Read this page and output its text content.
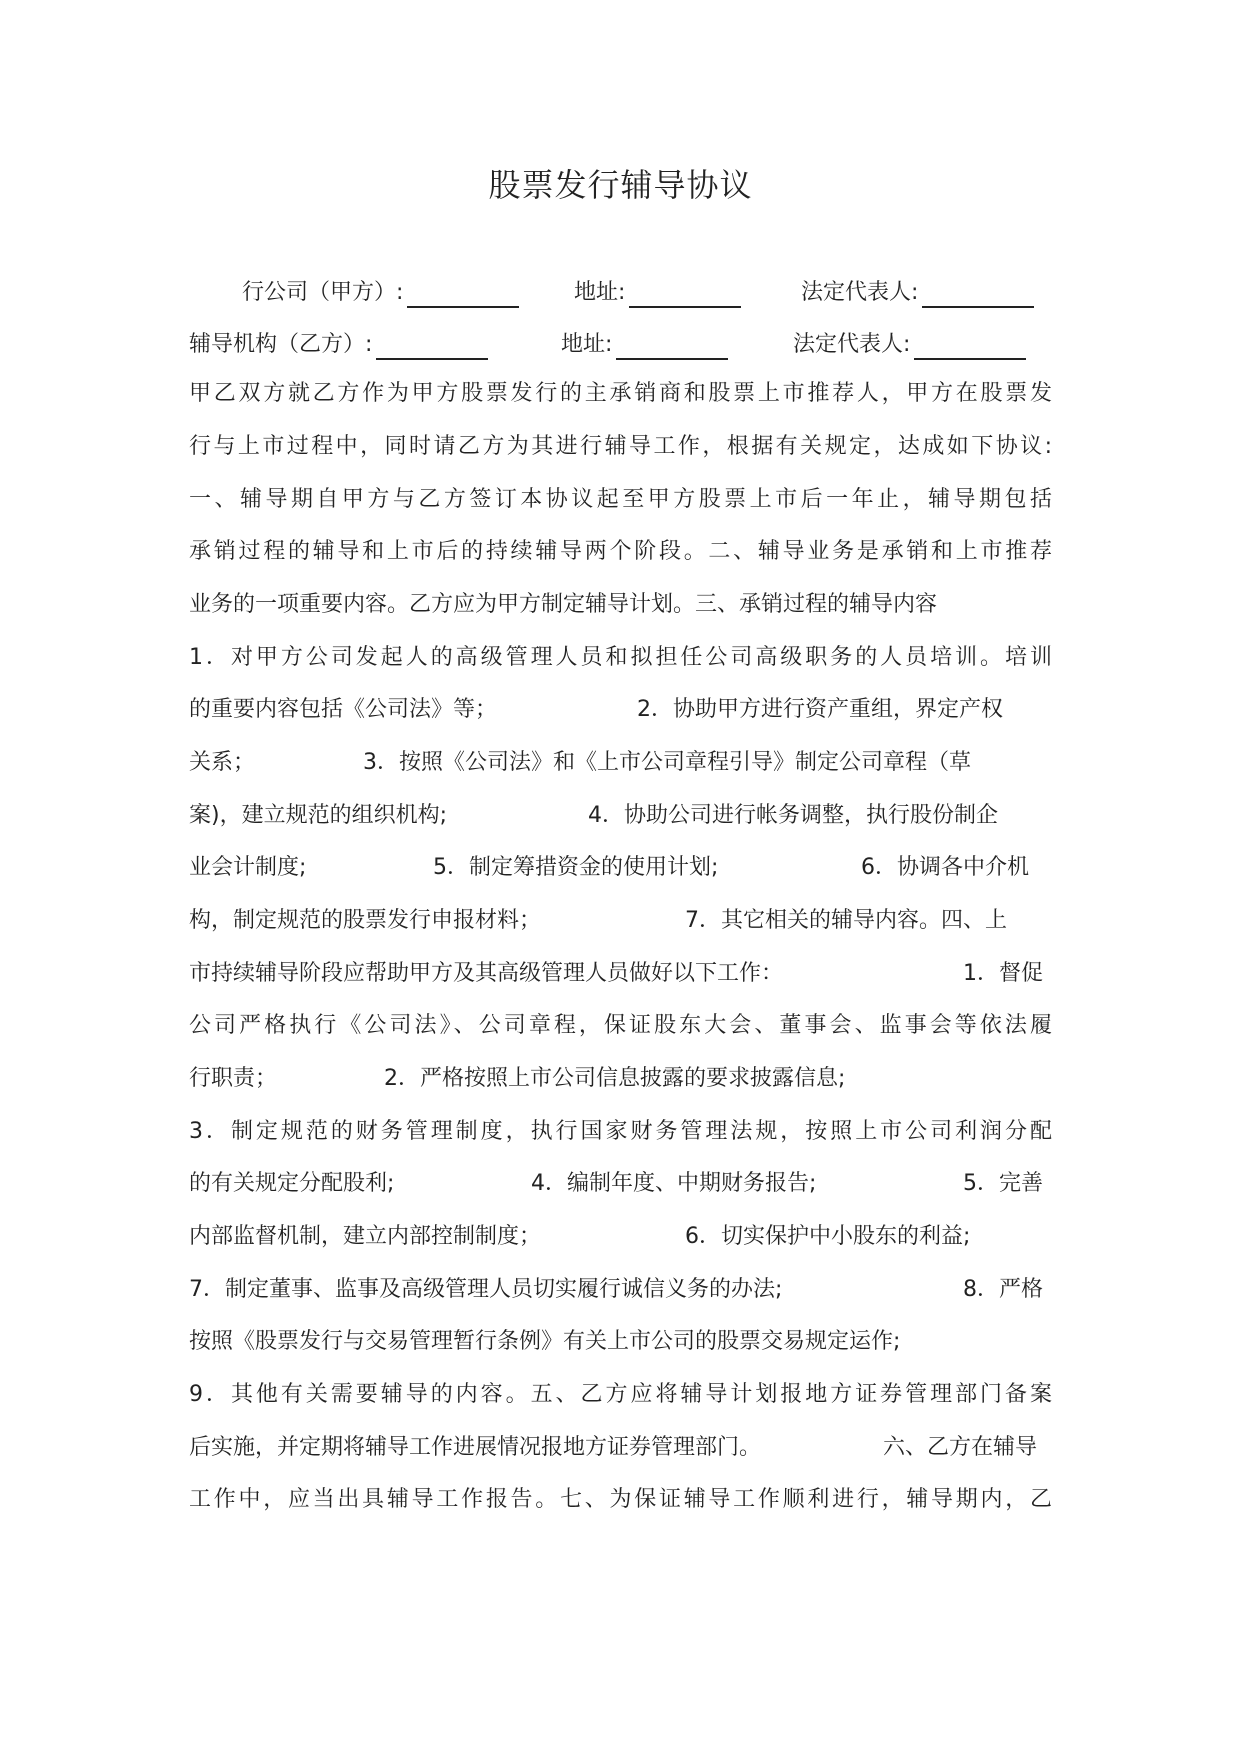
股票发行辅导协议
行公司（甲方）:	地址:	法定代表人:
辅导机构（乙方）:	地址:	法定代表人:
甲乙双方就乙方作为甲方股票发行的主承销商和股票上市推荐人，甲方在股票发
行与上市过程中，同时请乙方为其进行辅导工作，根据有关规定，达成如下协议:
一、辅导期自甲方与乙方签订本协议起至甲方股票上市后一年止，辅导期包括
承销过程的辅导和上市后的持续辅导两个阶段。二、辅导业务是承销和上市推荐
业务的一项重要内容。乙方应为甲方制定辅导计划。三、承销过程的辅导内容
1．对甲方公司发起人的高级管理人员和拟担任公司高级职务的人员培训。培训
的重要内容包括《公司法》等；	2．协助甲方进行资产重组，界定产权
关系；	3．按照《公司法》和《上市公司章程引导》制定公司章程（草
案)，建立规范的组织机构;	4．协助公司进行帐务调整，执行股份制企
业会计制度;	5．制定筹措资金的使用计划;	6．协调各中介机
构，制定规范的股票发行申报材料；	7．其它相关的辅导内容。四、上
市持续辅导阶段应帮助甲方及其高级管理人员做好以下工作：	1．督促
公司严格执行《公司法》、公司章程，保证股东大会、董事会、监事会等依法履
行职责；	2．严格按照上市公司信息披露的要求披露信息;
3．制定规范的财务管理制度，执行国家财务管理法规，按照上市公司利润分配
的有关规定分配股利;	4．编制年度、中期财务报告;	5．完善
内部监督机制，建立内部控制制度；	6．切实保护中小股东的利益;
7．制定董事、监事及高级管理人员切实履行诚信义务的办法;	8．严格
按照《股票发行与交易管理暂行条例》有关上市公司的股票交易规定运作;
9．其他有关需要辅导的内容。五、乙方应将辅导计划报地方证券管理部门备案
后实施，并定期将辅导工作进展情况报地方证券管理部门。	六、乙方在辅导
工作中，应当出具辅导工作报告。七、为保证辅导工作顺利进行，辅导期内，乙
